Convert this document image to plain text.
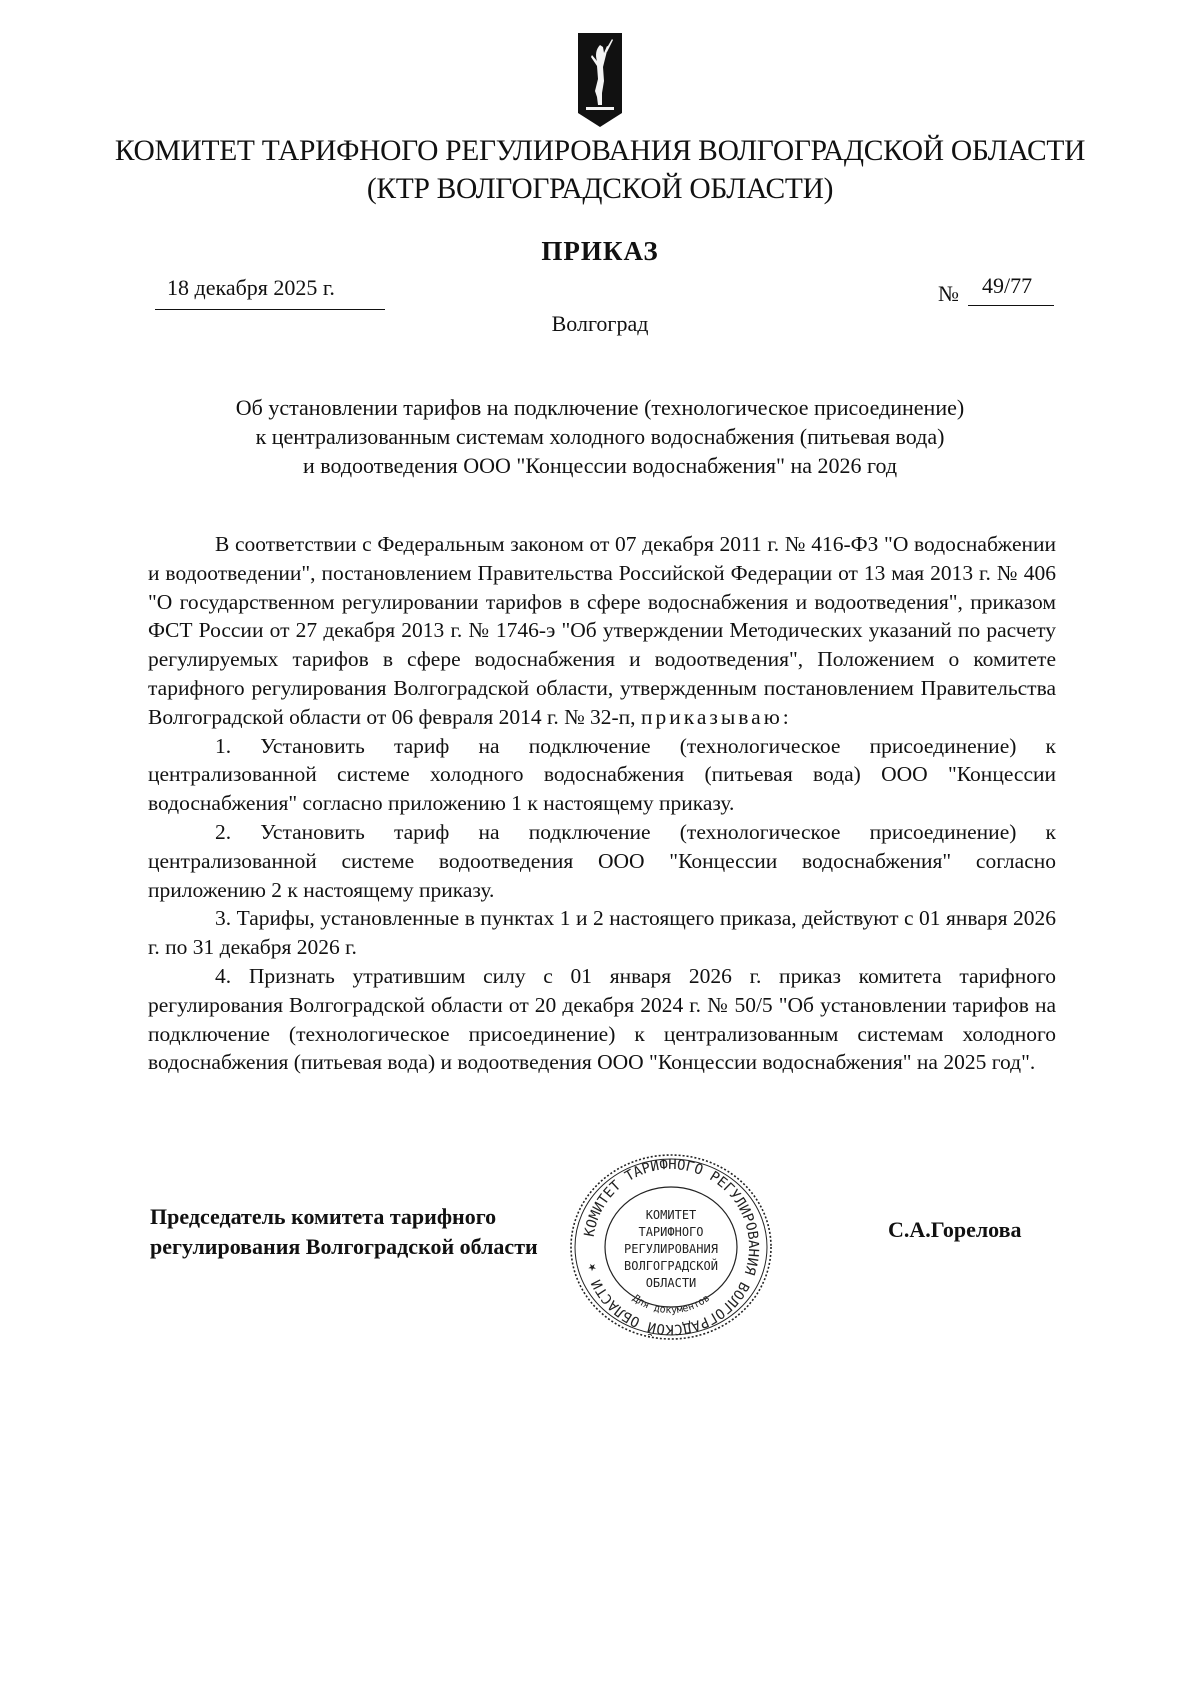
КОМИТЕТ ТАРИФНОГО РЕГУЛИРОВАНИЯ ВОЛГОГРАДСКОЙ ОБЛАСТИ
(КТР ВОЛГОГРАДСКОЙ ОБЛАСТИ)
ПРИКАЗ
18 декабря 2025 г.	№ 49/77
Волгоград
Об установлении тарифов на подключение (технологическое присоединение)
к централизованным системам холодного водоснабжения (питьевая вода)
и водоотведения ООО "Концессии водоснабжения" на 2026 год

В соответствии с Федеральным законом от 07 декабря 2011 г. № 416-ФЗ "О водоснабжении и водоотведении", постановлением Правительства Российской Федерации от 13 мая 2013 г. № 406 "О государственном регулировании тарифов в сфере водоснабжения и водоотведения", приказом ФСТ России от 27 декабря 2013 г. № 1746-э "Об утверждении Методических указаний по расчету регулируемых тарифов в сфере водоснабжения и водоотведения", Положением о комитете тарифного регулирования Волгоградской области, утвержденным постановлением Правительства Волгоградской области от 06 февраля 2014 г. № 32-п, приказываю:

1. Установить тариф на подключение (технологическое присоединение) к централизованной системе холодного водоснабжения (питьевая вода) ООО "Концессии водоснабжения" согласно приложению 1 к настоящему приказу.

2. Установить тариф на подключение (технологическое присоединение) к централизованной системе водоотведения ООО "Концессии водоснабжения" согласно приложению 2 к настоящему приказу.

3. Тарифы, установленные в пунктах 1 и 2 настоящего приказа, действуют с 01 января 2026 г. по 31 декабря 2026 г.

4. Признать утратившим силу с 01 января 2026 г. приказ комитета тарифного регулирования Волгоградской области от 20 декабря 2024 г. № 50/5 "Об установлении тарифов на подключение (технологическое присоединение) к централизованным системам холодного водоснабжения (питьевая вода) и водоотведения ООО "Концессии водоснабжения" на 2025 год".

Председатель комитета тарифного
регулирования Волгоградской области
С.А.Горелова
КОМИТЕТ ТАРИФНОГО РЕГУЛИРОВАНИЯ ВОЛГОГРАДСКОЙ ОБЛАСТИ ★
КОМИТЕТ
ТАРИФНОГО
РЕГУЛИРОВАНИЯ
ВОЛГОГРАДСКОЙ
ОБЛАСТИ
Для документов
